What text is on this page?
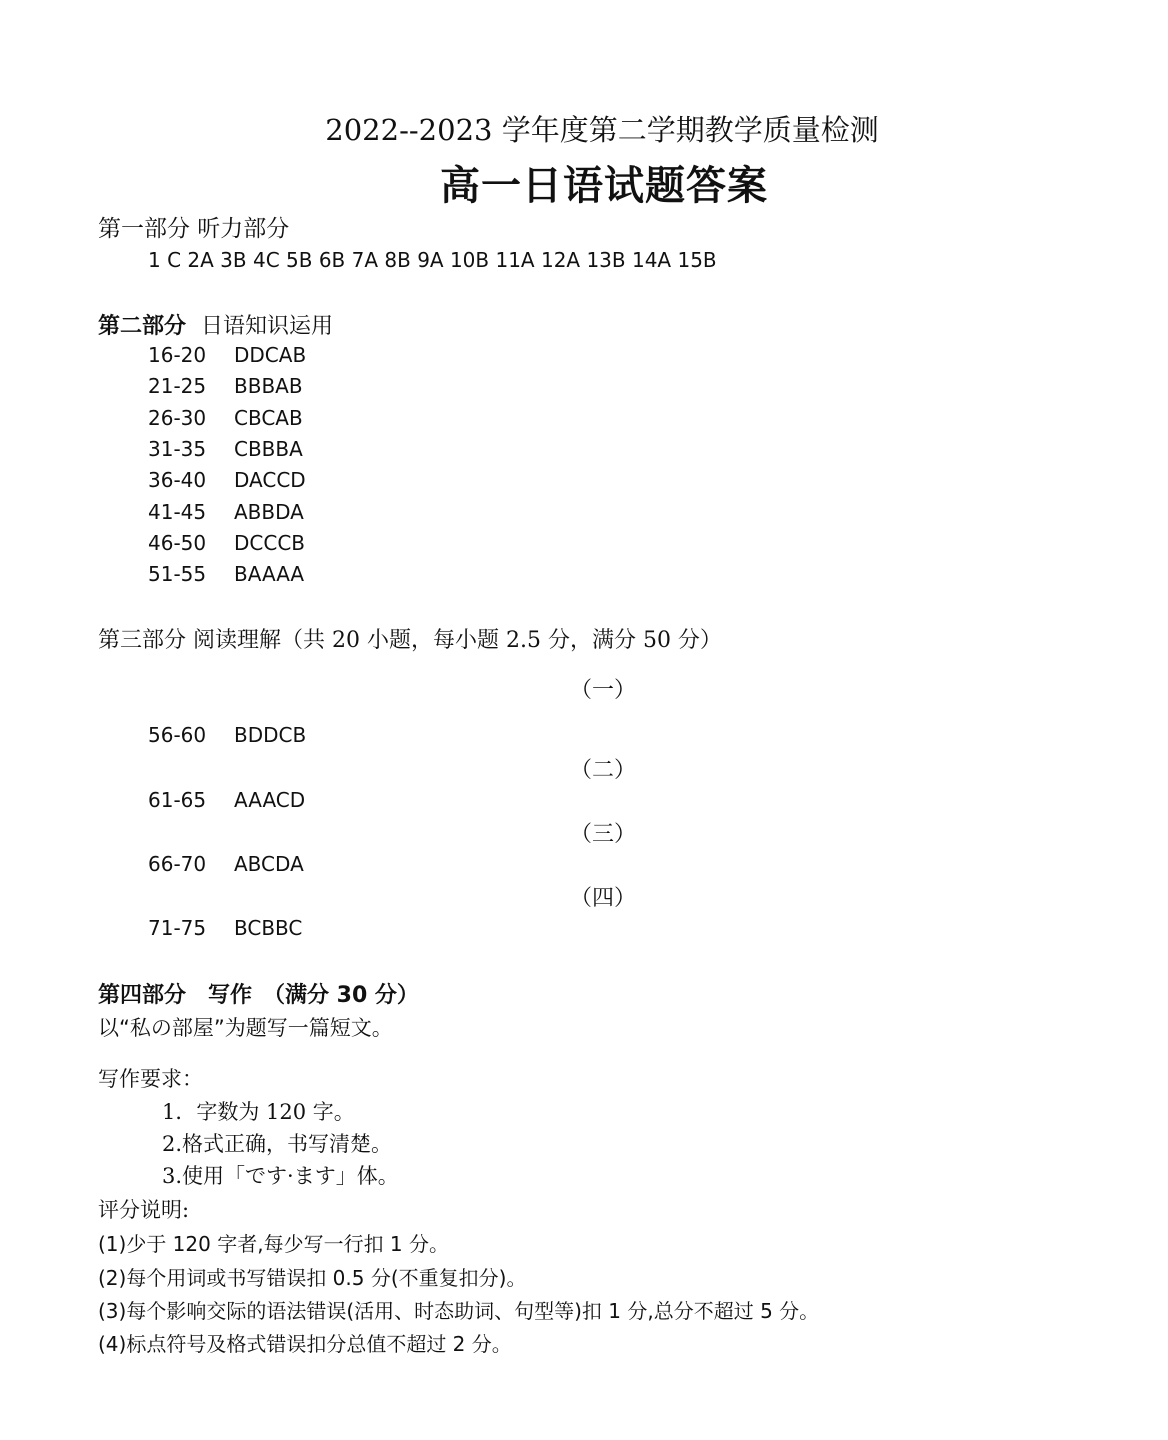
2022--2023 学年度第二学期教学质量检测
高一日语试题答案
第一部分 听力部分
1 C 2A 3B 4C 5B 6B 7A 8B 9A 10B 11A 12A 13B 14A 15B
第二部分 日语知识运用
16-20 DDCAB
21-25 BBBAB
26-30 CBCAB
31-35 CBBBA
36-40 DACCD
41-45 ABBDA
46-50 DCCCB
51-55 BAAAA
第三部分 阅读理解（共 20 小题，每小题 2.5 分，满分 50 分）
（一）
56-60 BDDCB
（二）
61-65 AAACD
（三）
66-70 ABCDA
（四）
71-75 BCBBC
第四部分　写作　（满分 30 分）
以“私の部屋”为题写一篇短文。
写作要求：
1．字数为 120 字。
2.格式正确，书写清楚。
3.使用「です·ます」体。
评分说明:
(1)少于 120 字者,每少写一行扣 1 分。
(2)每个用词或书写错误扣 0.5 分(不重复扣分)。
(3)每个影响交际的语法错误(活用、时态助词、句型等)扣 1 分,总分不超过 5 分。
(4)标点符号及格式错误扣分总值不超过 2 分。
